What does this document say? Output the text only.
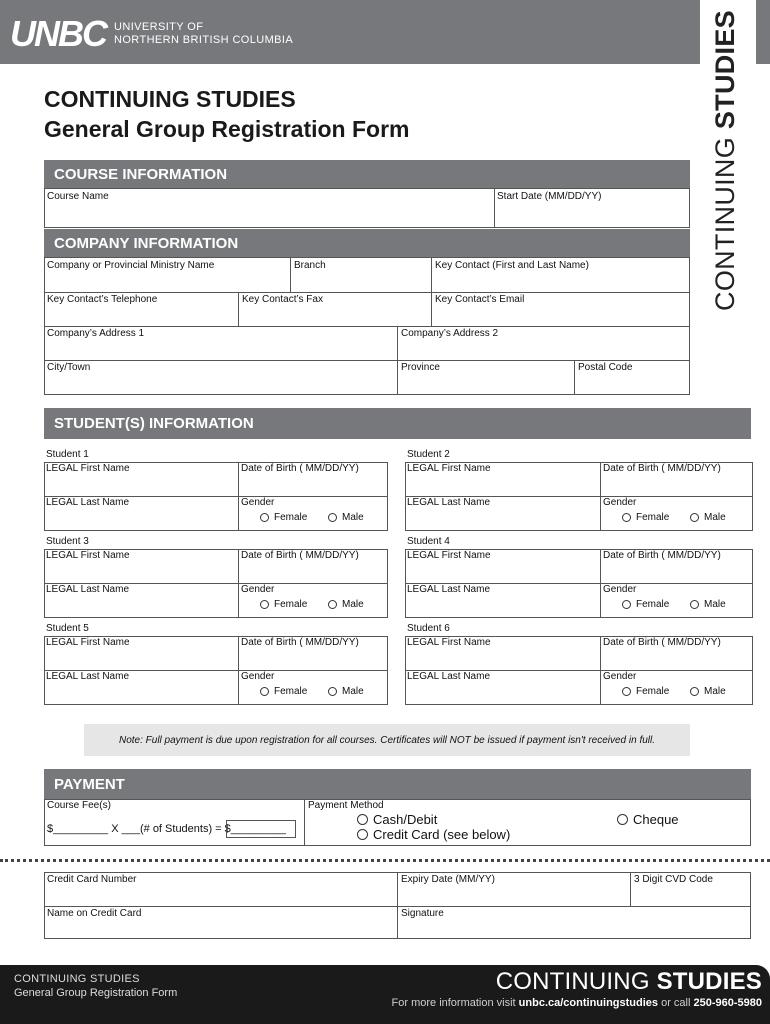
UNBC UNIVERSITY OF
NORTHERN BRITISH COLUMBIA
CONTINUING STUDIES
CONTINUING STUDIES
General Group Registration Form
COURSE INFORMATION
Course Name	Start Date (MM/DD/YY)
COMPANY INFORMATION
Company or Provincial Ministry Name	Branch	Key Contact (First and Last Name)
Key Contact’s Telephone	Key Contact’s Fax	Key Contact’s Email
Company’s Address 1	Company’s Address 2
City/Town	Province	Postal Code
STUDENT(S) INFORMATION
Student 1
LEGAL First Name	Date of Birth ( MM/DD/YY)
LEGAL Last Name	Gender
Female	Male
Student 2
LEGAL First Name	Date of Birth ( MM/DD/YY)
LEGAL Last Name	Gender
Female	Male
Student 3
LEGAL First Name	Date of Birth ( MM/DD/YY)
LEGAL Last Name	Gender
Female	Male
Student 4
LEGAL First Name	Date of Birth ( MM/DD/YY)
LEGAL Last Name	Gender
Female	Male
Student 5
LEGAL First Name	Date of Birth ( MM/DD/YY)
LEGAL Last Name	Gender
Female	Male
Student 6
LEGAL First Name	Date of Birth ( MM/DD/YY)
LEGAL Last Name	Gender
Female	Male
Note: Full payment is due upon registration for all courses. Certificates will NOT be issued if payment isn't received in full.
PAYMENT
Course Fee(s)
$_________ X ___(# of Students) = $_________
Payment Method
Cash/Debit
Credit Card (see below)
Cheque
Credit Card Number	Expiry Date (MM/YY)	3 Digit CVD Code
Name on Credit Card	Signature
CONTINUING STUDIES
General Group Registration Form	CONTINUING STUDIES
For more information visit unbc.ca/continuingstudies or call 250-960-5980
